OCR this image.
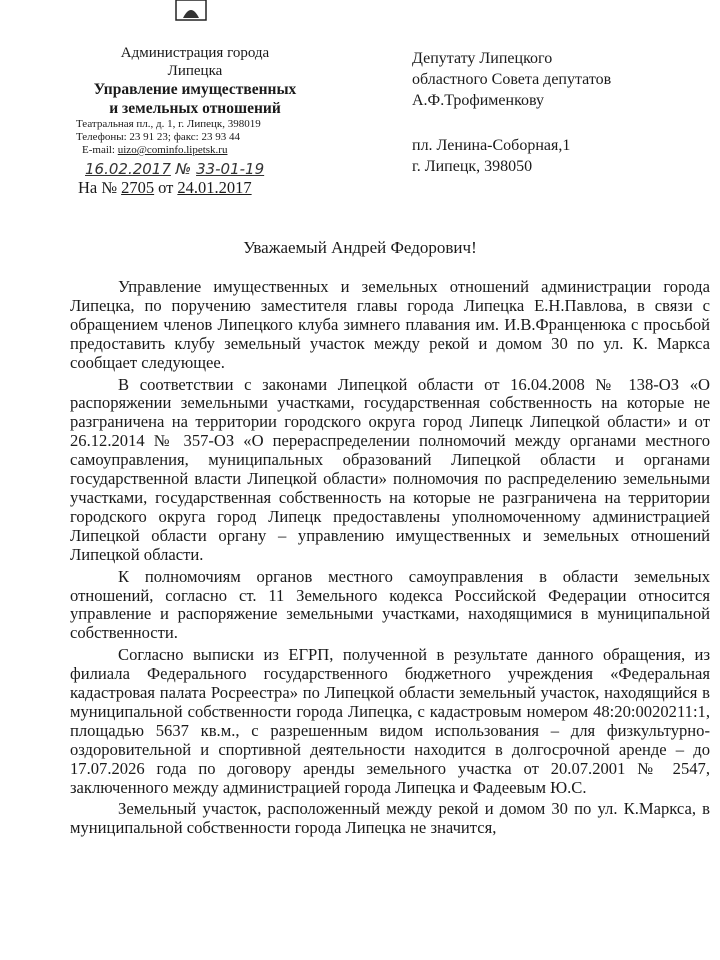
Администрация города
Липецка
Управление имущественных
и земельных отношений
Театральная пл., д. 1, г. Липецк, 398019
Телефоны: 23 91 23; факс: 23 93 44
E-mail: uizo@cominfo.lipetsk.ru
16.02.2017 № 33-01-19
На № 2705 от 24.01.2017
Депутату Липецкого
областного Совета депутатов
А.Ф.Трофименкову
пл. Ленина-Соборная,1
г. Липецк, 398050
Уважаемый Андрей Федорович!

Управление имущественных и земельных отношений администрации города Липецка, по поручению заместителя главы города Липецка Е.Н.Павлова, в связи с обращением членов Липецкого клуба зимнего плавания им. И.В.Франценюка с просьбой предоставить клубу земельный участок между рекой и домом 30 по ул. К. Маркса сообщает следующее.

В соответствии с законами Липецкой области от 16.04.2008 № 138-ОЗ «О распоряжении земельными участками, государственная собственность на которые не разграничена на территории городского округа город Липецк Липецкой области» и от 26.12.2014 № 357-ОЗ «О перераспределении полномочий между органами местного самоуправления, муниципальных образований Липецкой области и органами государственной власти Липецкой области» полномочия по распределению земельными участками, государственная собственность на которые не разграничена на территории городского округа город Липецк предоставлены уполномоченному администрацией Липецкой области органу – управлению имущественных и земельных отношений Липецкой области.

К полномочиям органов местного самоуправления в области земельных отношений, согласно ст. 11 Земельного кодекса Российской Федерации относится управление и распоряжение земельными участками, находящимися в муниципальной собственности.

Согласно выписки из ЕГРП, полученной в результате данного обращения, из филиала Федерального государственного бюджетного учреждения «Федеральная кадастровая палата Росреестра» по Липецкой области земельный участок, находящийся в муниципальной собственности города Липецка, с кадастровым номером 48:20:0020211:1, площадью 5637 кв.м., с разрешенным видом использования – для физкультурно-оздоровительной и спортивной деятельности находится в долгосрочной аренде – до 17.07.2026 года по договору аренды земельного участка от 20.07.2001 № 2547, заключенного между администрацией города Липецка и Фадеевым Ю.С.

Земельный участок, расположенный между рекой и домом 30 по ул. К.Маркса, в муниципальной собственности города Липецка не значится,
